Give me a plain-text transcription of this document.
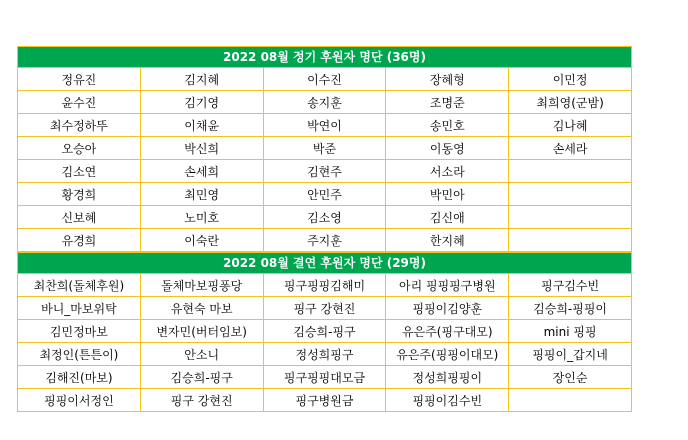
2022 08월 정기 후원자 명단 (36명)
정유진	김지혜	이수진	장혜형	이민정
윤수진	김기영	송지훈	조명준	최희영(군밤)
최수정하뚜	이채윤	박연이	송민호	김나혜
오승아	박신희	박준	이동영	손세라
김소연	손세희	김현주	서소라	
황경희	최민영	안민주	박민아	
신보혜	노미호	김소영	김신애	
유경희	이숙란	주지훈	한지혜	
2022 08월 결연 후원자 명단 (29명)
최찬희(돌체후원)	돌체마보핑퐁당	핑구핑핑김해미	아리 핑핑핑구병원	핑구김수빈
바니_마보위탁	유현숙 마보	핑구 강현진	핑핑이김양훈	김승희-핑핑이
김민정마보	변자민(버터임보)	김승희-핑구	유은주(핑구대모)	mini 핑핑
최정인(튼튼이)	안소니	정성희핑구	유은주(핑핑이대모)	핑핑이_갑지네
김해진(마보)	김승희-핑구	핑구핑핑대모금	정성희핑핑이	장인순
핑핑이서정인	핑구 강현진	핑구병원금	핑핑이김수빈	
